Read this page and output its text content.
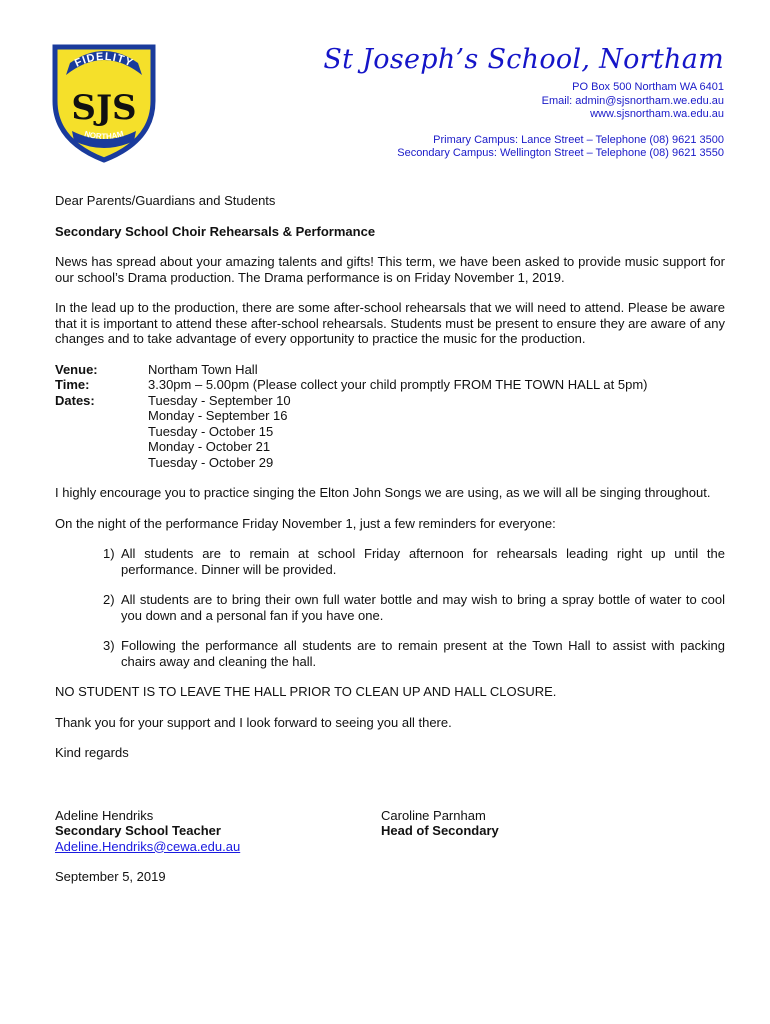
FIDELITY
SJS
NORTHAM
St Joseph’s School, Northam
PO Box 500 Northam WA 6401
Email: admin@sjsnortham.we.edu.au
www.sjsnortham.wa.edu.au
Primary Campus: Lance Street – Telephone (08) 9621 3500
Secondary Campus: Wellington Street – Telephone (08) 9621 3550

Dear Parents/Guardians and Students

Secondary School Choir Rehearsals & Performance

News has spread about your amazing talents and gifts! This term, we have been asked to provide music support for our school’s Drama production. The Drama performance is on Friday November 1, 2019.

In the lead up to the production, there are some after-school rehearsals that we will need to attend. Please be aware that it is important to attend these after-school rehearsals. Students must be present to ensure they are aware of any changes and to take advantage of every opportunity to practice the music for the production.

Venue:	Northam Town Hall
Time:	3.30pm – 5.00pm (Please collect your child promptly FROM THE TOWN HALL at 5pm)
Dates:	Tuesday - September 10
Monday - September 16
Tuesday - October 15
Monday - October 21
Tuesday - October 29

I highly encourage you to practice singing the Elton John Songs we are using, as we will all be singing throughout.

On the night of the performance Friday November 1, just a few reminders for everyone:

1) All students are to remain at school Friday afternoon for rehearsals leading right up until the performance. Dinner will be provided.
2) All students are to bring their own full water bottle and may wish to bring a spray bottle of water to cool you down and a personal fan if you have one.
3) Following the performance all students are to remain present at the Town Hall to assist with packing chairs away and cleaning the hall.

NO STUDENT IS TO LEAVE THE HALL PRIOR TO CLEAN UP AND HALL CLOSURE.

Thank you for your support and I look forward to seeing you all there.

Kind regards

Adeline Hendriks
Secondary School Teacher
Adeline.Hendriks@cewa.edu.au
Caroline Parnham
Head of Secondary

September 5, 2019
